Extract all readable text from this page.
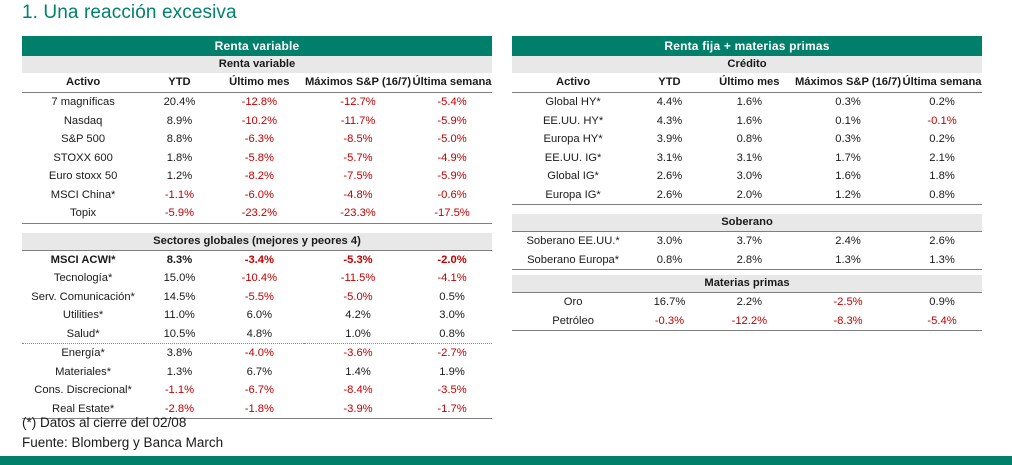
1. Una reacción excesiva
Renta variable				
Renta variable				
Activo	YTD	Último mes	Máximos S&P (16/7)	Última semana
7 magníficas	20.4%	-12.8%	-12.7%	-5.4%
Nasdaq	8.9%	-10.2%	-11.7%	-5.9%
S&P 500	8.8%	-6.3%	-8.5%	-5.0%
STOXX 600	1.8%	-5.8%	-5.7%	-4.9%
Euro stoxx 50	1.2%	-8.2%	-7.5%	-5.9%
MSCI China*	-1.1%	-6.0%	-4.8%	-0.6%
Topix	-5.9%	-23.2%	-23.3%	-17.5%

Sectores globales (mejores y peores 4)				

MSCI ACWI*	8.3%	-3.4%	-5.3%	-2.0%
Tecnología*	15.0%	-10.4%	-11.5%	-4.1%
Serv. Comunicación*	14.5%	-5.5%	-5.0%	0.5%
Utilities*	11.0%	6.0%	4.2%	3.0%
Salud*	10.5%	4.8%	1.0%	0.8%

Energía*	3.8%	-4.0%	-3.6%	-2.7%
Materiales*	1.3%	6.7%	1.4%	1.9%
Cons. Discrecional*	-1.1%	-6.7%	-8.4%	-3.5%
Real Estate*	-2.8%	-1.8%	-3.9%	-1.7%

Renta fija + materias primas				
Crédito				
Activo	YTD	Último mes	Máximos S&P (16/7)	Última semana
Global HY*	4.4%	1.6%	0.3%	0.2%
EE.UU. HY*	4.3%	1.6%	0.1%	-0.1%
Europa HY*	3.9%	0.8%	0.3%	0.2%
EE.UU. IG*	3.1%	3.1%	1.7%	2.1%
Global IG*	2.6%	3.0%	1.6%	1.8%
Europa IG*	2.6%	2.0%	1.2%	0.8%

Soberano				

Soberano EE.UU.*	3.0%	3.7%	2.4%	2.6%
Soberano Europa*	0.8%	2.8%	1.3%	1.3%

Materias primas				

Oro	16.7%	2.2%	-2.5%	0.9%
Petróleo	-0.3%	-12.2%	-8.3%	-5.4%

(*) Datos al cierre del 02/08
Fuente: Blomberg y Banca March
